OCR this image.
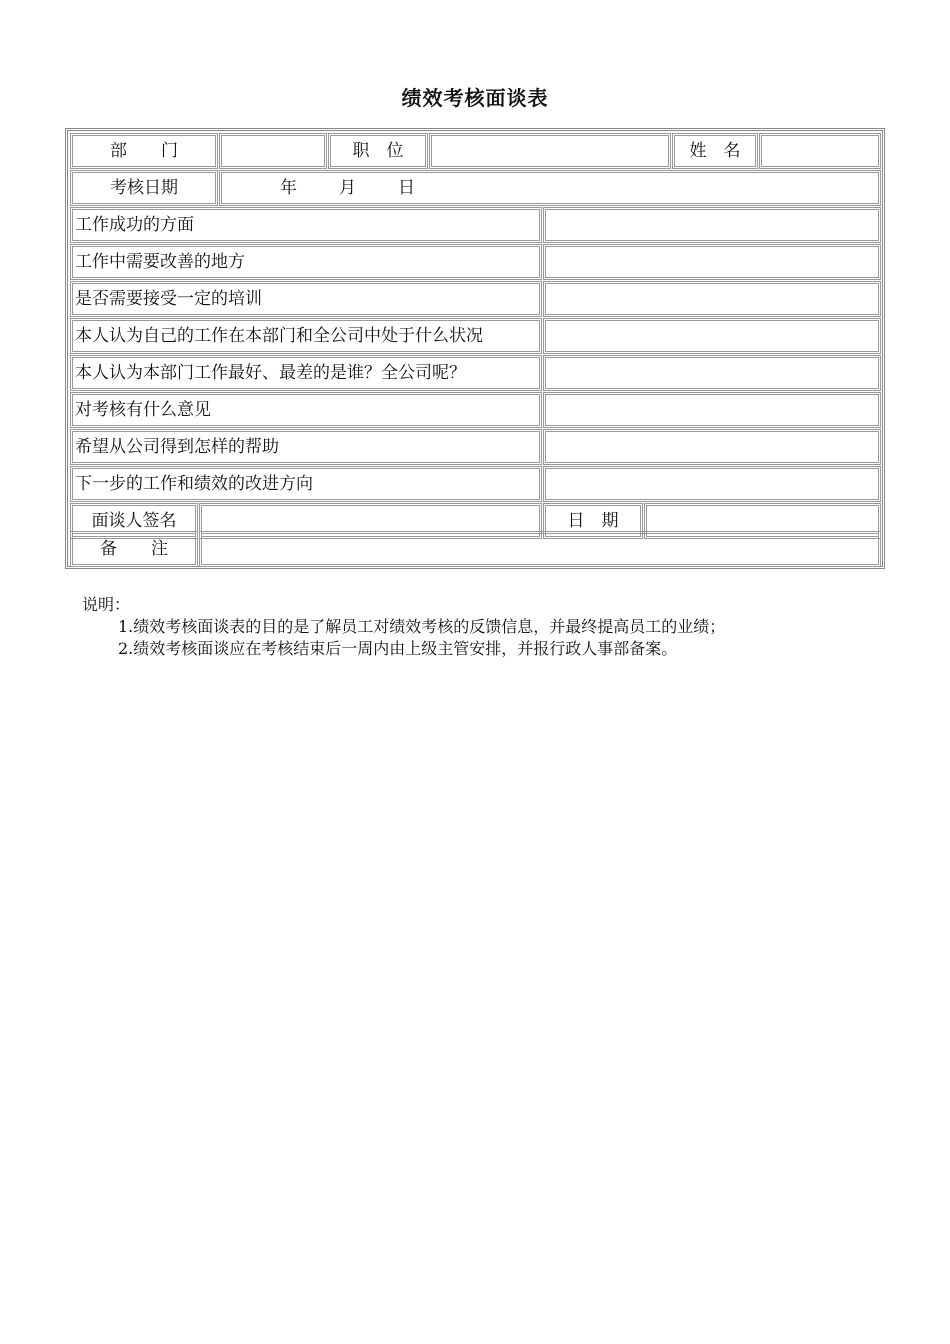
绩效考核面谈表
部　　门	职　位	姓　名
考核日期	年 月 日
工作成功的方面
工作中需要改善的地方
是否需要接受一定的培训
本人认为自己的工作在本部门和全公司中处于什么状况
本人认为本部门工作最好、最差的是谁？全公司呢？
对考核有什么意见
希望从公司得到怎样的帮助
下一步的工作和绩效的改进方向
面谈人签名	日　期
备　　注
说明：
1.绩效考核面谈表的目的是了解员工对绩效考核的反馈信息，并最终提高员工的业绩；
2.绩效考核面谈应在考核结束后一周内由上级主管安排，并报行政人事部备案。
